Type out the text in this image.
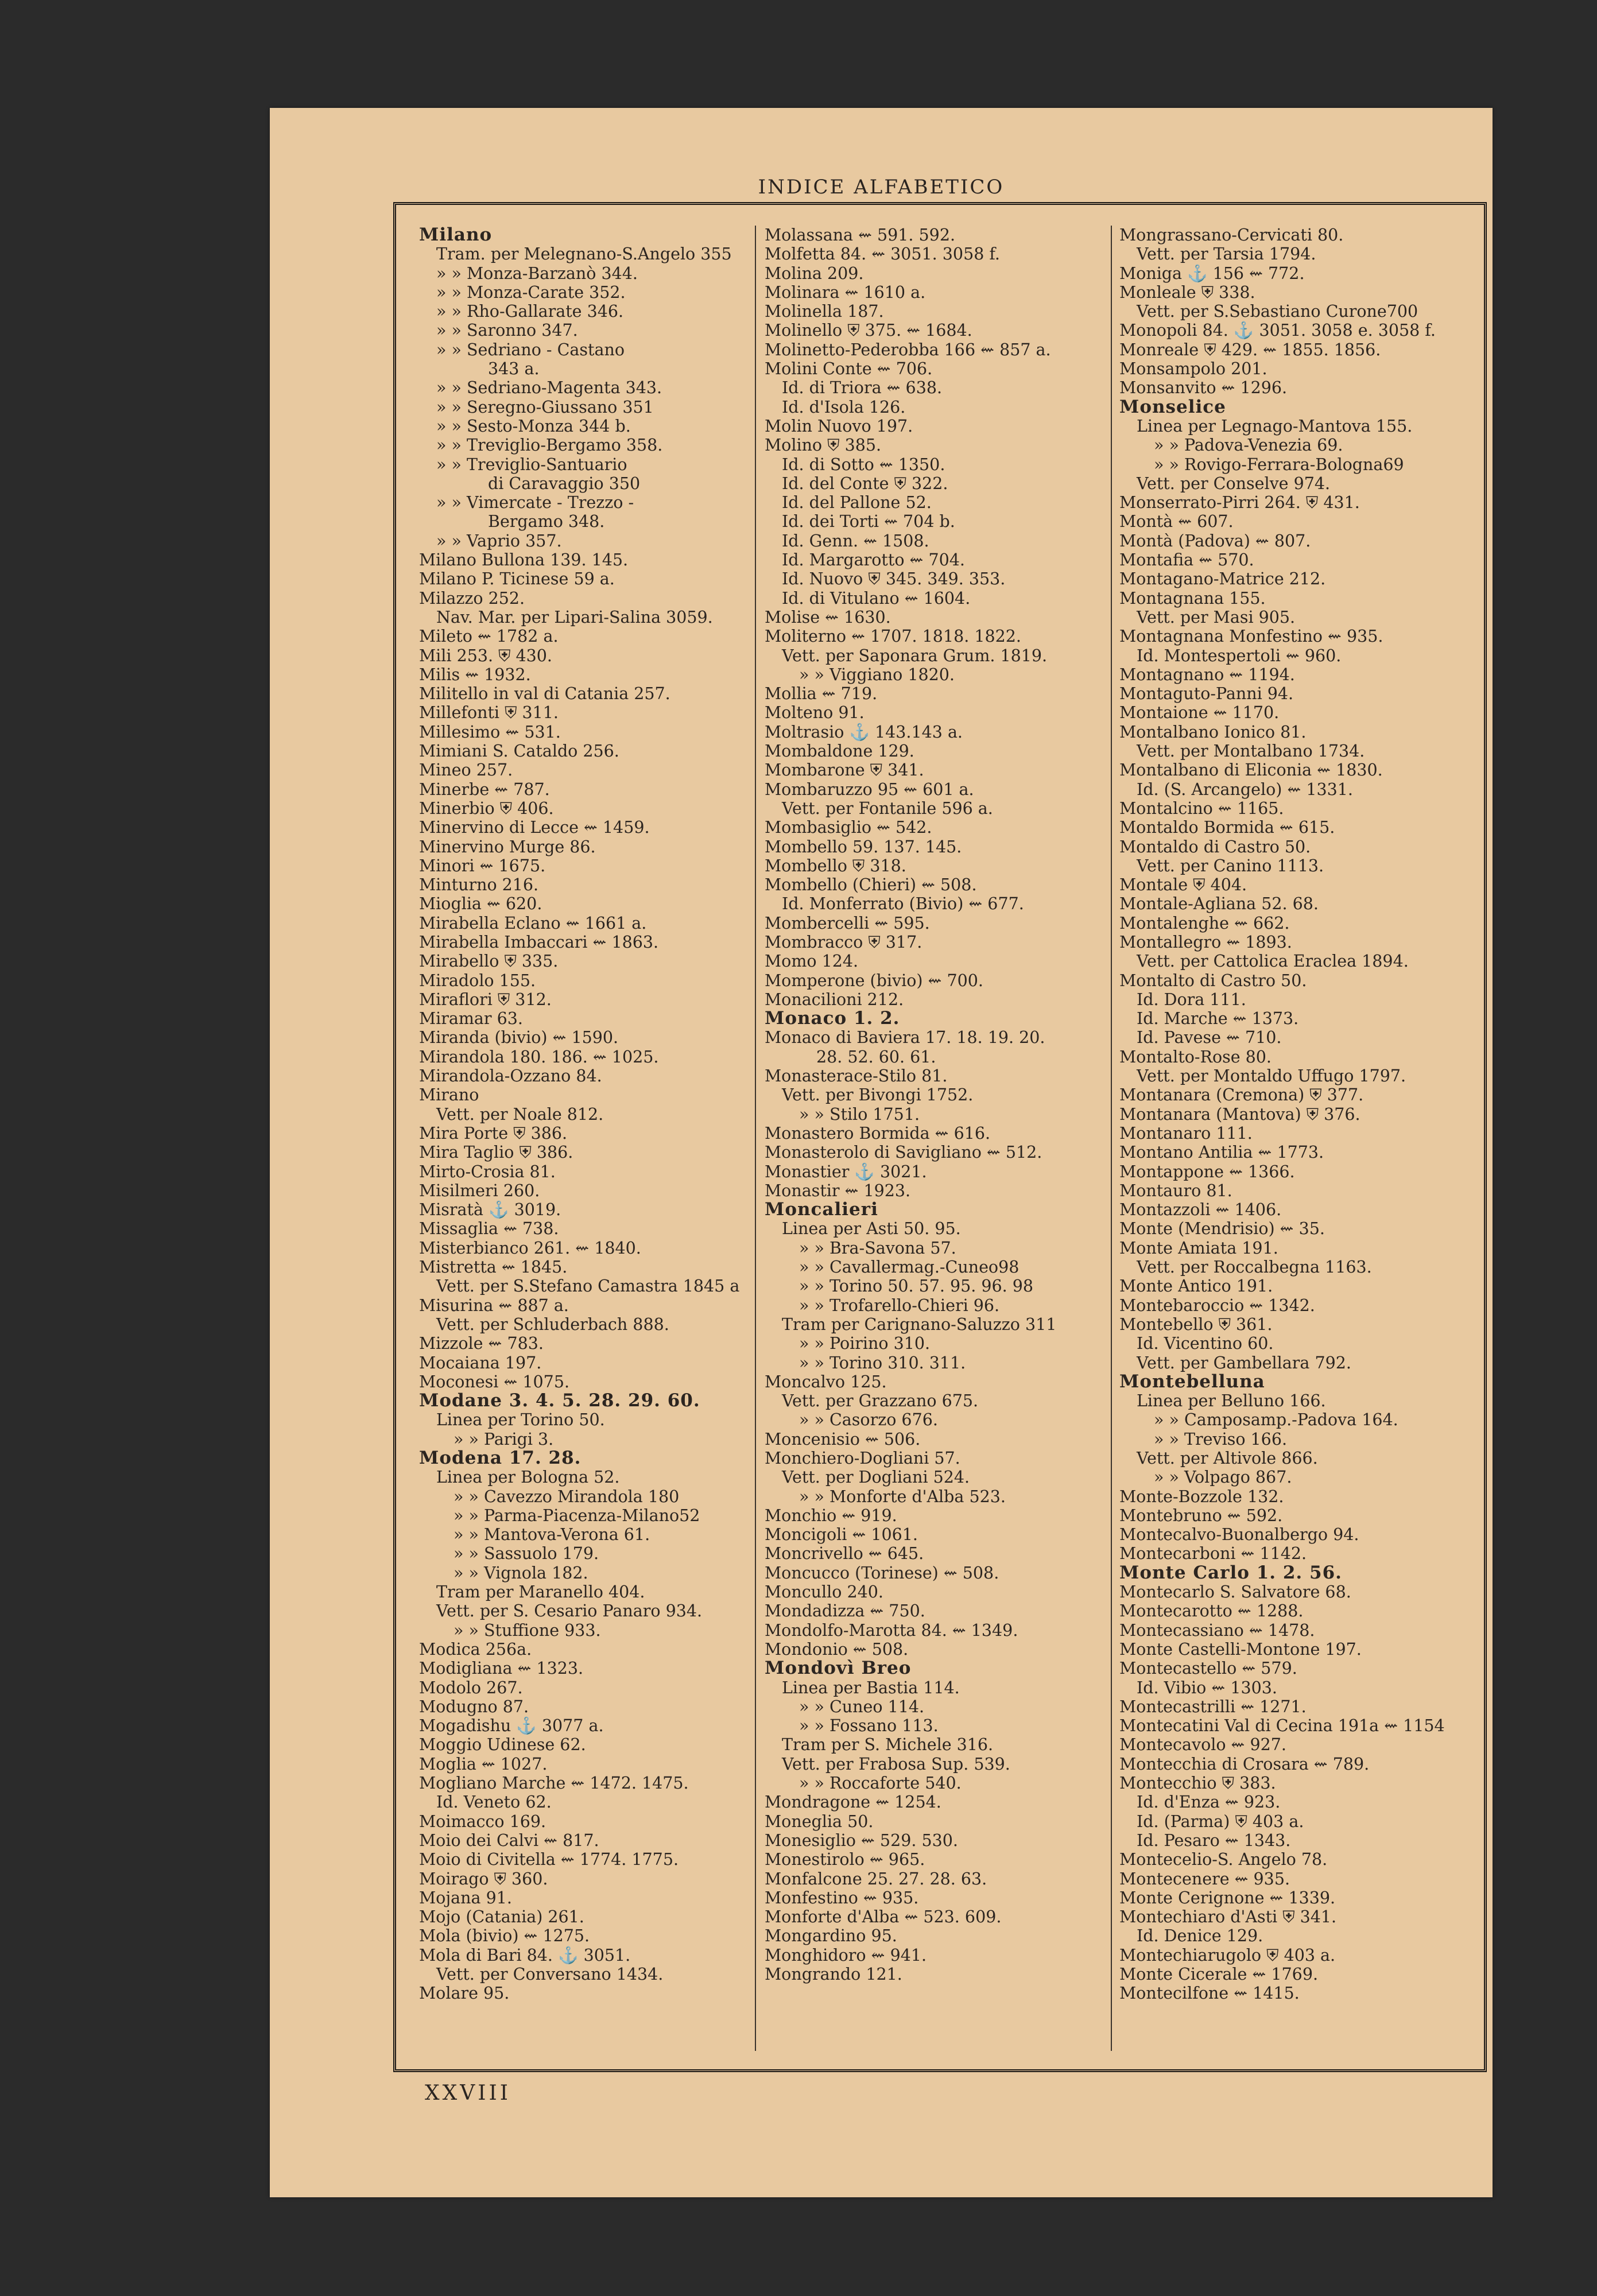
INDICE ALFABETICO
Milano
Tram. per Melegnano-S.Angelo 355
» » Monza-Barzanò 344.
» » Monza-Carate 352.
» » Rho-Gallarate 346.
» » Saronno 347.
» » Sedriano - Castano
343 a.
» » Sedriano-Magenta 343.
» » Seregno-Giussano 351
» » Sesto-Monza 344 b.
» » Treviglio-Bergamo 358.
» » Treviglio-Santuario
di Caravaggio 350
» » Vimercate - Trezzo -
Bergamo 348.
» » Vaprio 357.
Milano Bullona 139. 145.
Milano P. Ticinese 59 a.
Milazzo 252.
Nav. Mar. per Lipari-Salina 3059.
Mileto ⇜ 1782 a.
Mili 253. ⛨ 430.
Milis ⇜ 1932.
Militello in val di Catania 257.
Millefonti ⛨ 311.
Millesimo ⇜ 531.
Mimiani S. Cataldo 256.
Mineo 257.
Minerbe ⇜ 787.
Minerbio ⛨ 406.
Minervino di Lecce ⇜ 1459.
Minervino Murge 86.
Minori ⇜ 1675.
Minturno 216.
Mioglia ⇜ 620.
Mirabella Eclano ⇜ 1661 a.
Mirabella Imbaccari ⇜ 1863.
Mirabello ⛨ 335.
Miradolo 155.
Miraflori ⛨ 312.
Miramar 63.
Miranda (bivio) ⇜ 1590.
Mirandola 180. 186. ⇜ 1025.
Mirandola-Ozzano 84.
Mirano
Vett. per Noale 812.
Mira Porte ⛨ 386.
Mira Taglio ⛨ 386.
Mirto-Crosia 81.
Misilmeri 260.
Misratà ⚓ 3019.
Missaglia ⇜ 738.
Misterbianco 261. ⇜ 1840.
Mistretta ⇜ 1845.
Vett. per S.Stefano Camastra 1845 a
Misurina ⇜ 887 a.
Vett. per Schluderbach 888.
Mizzole ⇜ 783.
Mocaiana 197.
Moconesi ⇜ 1075.
Modane 3. 4. 5. 28. 29. 60.
Linea per Torino 50.
» » Parigi 3.
Modena 17. 28.
Linea per Bologna 52.
» » Cavezzo Mirandola 180
» » Parma-Piacenza-Milano52
» » Mantova-Verona 61.
» » Sassuolo 179.
» » Vignola 182.
Tram per Maranello 404.
Vett. per S. Cesario Panaro 934.
» » Stuffione 933.
Modica 256a.
Modigliana ⇜ 1323.
Modolo 267.
Modugno 87.
Mogadishu ⚓ 3077 a.
Moggio Udinese 62.
Moglia ⇜ 1027.
Mogliano Marche ⇜ 1472. 1475.
Id. Veneto 62.
Moimacco 169.
Moio dei Calvi ⇜ 817.
Moio di Civitella ⇜ 1774. 1775.
Moirago ⛨ 360.
Mojana 91.
Mojo (Catania) 261.
Mola (bivio) ⇜ 1275.
Mola di Bari 84. ⚓ 3051.
Vett. per Conversano 1434.
Molare 95.
Molassana ⇜ 591. 592.
Molfetta 84. ⇜ 3051. 3058 f.
Molina 209.
Molinara ⇜ 1610 a.
Molinella 187.
Molinello ⛨ 375. ⇜ 1684.
Molinetto-Pederobba 166 ⇜ 857 a.
Molini Conte ⇜ 706.
Id. di Triora ⇜ 638.
Id. d'Isola 126.
Molin Nuovo 197.
Molino ⛨ 385.
Id. di Sotto ⇜ 1350.
Id. del Conte ⛨ 322.
Id. del Pallone 52.
Id. dei Torti ⇜ 704 b.
Id. Genn. ⇜ 1508.
Id. Margarotto ⇜ 704.
Id. Nuovo ⛨ 345. 349. 353.
Id. di Vitulano ⇜ 1604.
Molise ⇜ 1630.
Moliterno ⇜ 1707. 1818. 1822.
Vett. per Saponara Grum. 1819.
» » Viggiano 1820.
Mollia ⇜ 719.
Molteno 91.
Moltrasio ⚓ 143.143 a.
Mombaldone 129.
Mombarone ⛨ 341.
Mombaruzzo 95 ⇜ 601 a.
Vett. per Fontanile 596 a.
Mombasiglio ⇜ 542.
Mombello 59. 137. 145.
Mombello ⛨ 318.
Mombello (Chieri) ⇜ 508.
Id. Monferrato (Bivio) ⇜ 677.
Mombercelli ⇜ 595.
Mombracco ⛨ 317.
Momo 124.
Momperone (bivio) ⇜ 700.
Monacilioni 212.
Monaco 1. 2.
Monaco di Baviera 17. 18. 19. 20.
28. 52. 60. 61.
Monasterace-Stilo 81.
Vett. per Bivongi 1752.
» » Stilo 1751.
Monastero Bormida ⇜ 616.
Monasterolo di Savigliano ⇜ 512.
Monastier ⚓ 3021.
Monastir ⇜ 1923.
Moncalieri
Linea per Asti 50. 95.
» » Bra-Savona 57.
» » Cavallermag.-Cuneo98
» » Torino 50. 57. 95. 96. 98
» » Trofarello-Chieri 96.
Tram per Carignano-Saluzzo 311
» » Poirino 310.
» » Torino 310. 311.
Moncalvo 125.
Vett. per Grazzano 675.
» » Casorzo 676.
Moncenisio ⇜ 506.
Monchiero-Dogliani 57.
Vett. per Dogliani 524.
» » Monforte d'Alba 523.
Monchio ⇜ 919.
Moncigoli ⇜ 1061.
Moncrivello ⇜ 645.
Moncucco (Torinese) ⇜ 508.
Moncullo 240.
Mondadizza ⇜ 750.
Mondolfo-Marotta 84. ⇜ 1349.
Mondonio ⇜ 508.
Mondovì Breo
Linea per Bastia 114.
» » Cuneo 114.
» » Fossano 113.
Tram per S. Michele 316.
Vett. per Frabosa Sup. 539.
» » Roccaforte 540.
Mondragone ⇜ 1254.
Moneglia 50.
Monesiglio ⇜ 529. 530.
Monestirolo ⇜ 965.
Monfalcone 25. 27. 28. 63.
Monfestino ⇜ 935.
Monforte d'Alba ⇜ 523. 609.
Mongardino 95.
Monghidoro ⇜ 941.
Mongrando 121.
Mongrassano-Cervicati 80.
Vett. per Tarsia 1794.
Moniga ⚓ 156 ⇜ 772.
Monleale ⛨ 338.
Vett. per S.Sebastiano Curone700
Monopoli 84. ⚓ 3051. 3058 e. 3058 f.
Monreale ⛨ 429. ⇜ 1855. 1856.
Monsampolo 201.
Monsanvito ⇜ 1296.
Monselice
Linea per Legnago-Mantova 155.
» » Padova-Venezia 69.
» » Rovigo-Ferrara-Bologna69
Vett. per Conselve 974.
Monserrato-Pirri 264. ⛨ 431.
Montà ⇜ 607.
Montà (Padova) ⇜ 807.
Montafia ⇜ 570.
Montagano-Matrice 212.
Montagnana 155.
Vett. per Masi 905.
Montagnana Monfestino ⇜ 935.
Id. Montespertoli ⇜ 960.
Montagnano ⇜ 1194.
Montaguto-Panni 94.
Montaione ⇜ 1170.
Montalbano Ionico 81.
Vett. per Montalbano 1734.
Montalbano di Eliconia ⇜ 1830.
Id. (S. Arcangelo) ⇜ 1331.
Montalcino ⇜ 1165.
Montaldo Bormida ⇜ 615.
Montaldo di Castro 50.
Vett. per Canino 1113.
Montale ⛨ 404.
Montale-Agliana 52. 68.
Montalenghe ⇜ 662.
Montallegro ⇜ 1893.
Vett. per Cattolica Eraclea 1894.
Montalto di Castro 50.
Id. Dora 111.
Id. Marche ⇜ 1373.
Id. Pavese ⇜ 710.
Montalto-Rose 80.
Vett. per Montaldo Uffugo 1797.
Montanara (Cremona) ⛨ 377.
Montanara (Mantova) ⛨ 376.
Montanaro 111.
Montano Antilia ⇜ 1773.
Montappone ⇜ 1366.
Montauro 81.
Montazzoli ⇜ 1406.
Monte (Mendrisio) ⇜ 35.
Monte Amiata 191.
Vett. per Roccalbegna 1163.
Monte Antico 191.
Montebaroccio ⇜ 1342.
Montebello ⛨ 361.
Id. Vicentino 60.
Vett. per Gambellara 792.
Montebelluna
Linea per Belluno 166.
» » Camposamp.-Padova 164.
» » Treviso 166.
Vett. per Altivole 866.
» » Volpago 867.
Monte-Bozzole 132.
Montebruno ⇜ 592.
Montecalvo-Buonalbergo 94.
Montecarboni ⇜ 1142.
Monte Carlo 1. 2. 56.
Montecarlo S. Salvatore 68.
Montecarotto ⇜ 1288.
Montecassiano ⇜ 1478.
Monte Castelli-Montone 197.
Montecastello ⇜ 579.
Id. Vibio ⇜ 1303.
Montecastrilli ⇜ 1271.
Montecatini Val di Cecina 191a ⇜ 1154
Montecavolo ⇜ 927.
Montecchia di Crosara ⇜ 789.
Montecchio ⛨ 383.
Id. d'Enza ⇜ 923.
Id. (Parma) ⛨ 403 a.
Id. Pesaro ⇜ 1343.
Montecelio-S. Angelo 78.
Montecenere ⇜ 935.
Monte Cerignone ⇜ 1339.
Montechiaro d'Asti ⛨ 341.
Id. Denice 129.
Montechiarugolo ⛨ 403 a.
Monte Cicerale ⇜ 1769.
Montecilfone ⇜ 1415.
XXVIII
